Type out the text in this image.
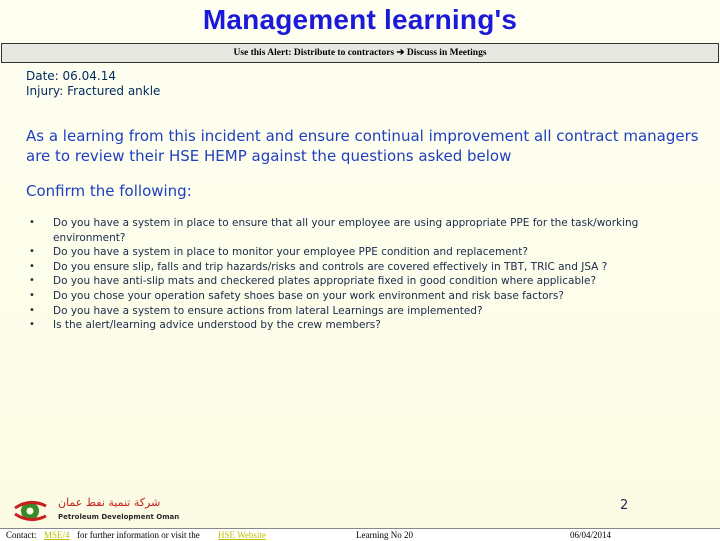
Management learning's
Use this Alert: Distribute to contractors ➔ Discuss in Meetings
Date: 06.04.14
Injury: Fractured ankle
As a learning from this incident and ensure continual improvement all contract managers are to review their HSE HEMP against the questions asked below
Confirm the following:
• Do you have a system in place to ensure that all your employee are using appropriate PPE for the task/working environment?
• Do you have a system in place to monitor your employee PPE condition and replacement?
• Do you ensure slip, falls and trip hazards/risks and controls are covered effectively in TBT, TRIC and JSA ?
• Do you have anti-slip mats and checkered plates appropriate fixed in good condition where applicable?
• Do you chose your operation safety shoes base on your work environment and risk base factors?
• Do you have a system to ensure actions from lateral Learnings are implemented?
• Is the alert/learning advice understood by the crew members?
2
شركة تنمية نفط عمان
Petroleum Development Oman
Contact: MSE/4 for further information or visit the HSE Website	Learning No 20	06/04/2014
